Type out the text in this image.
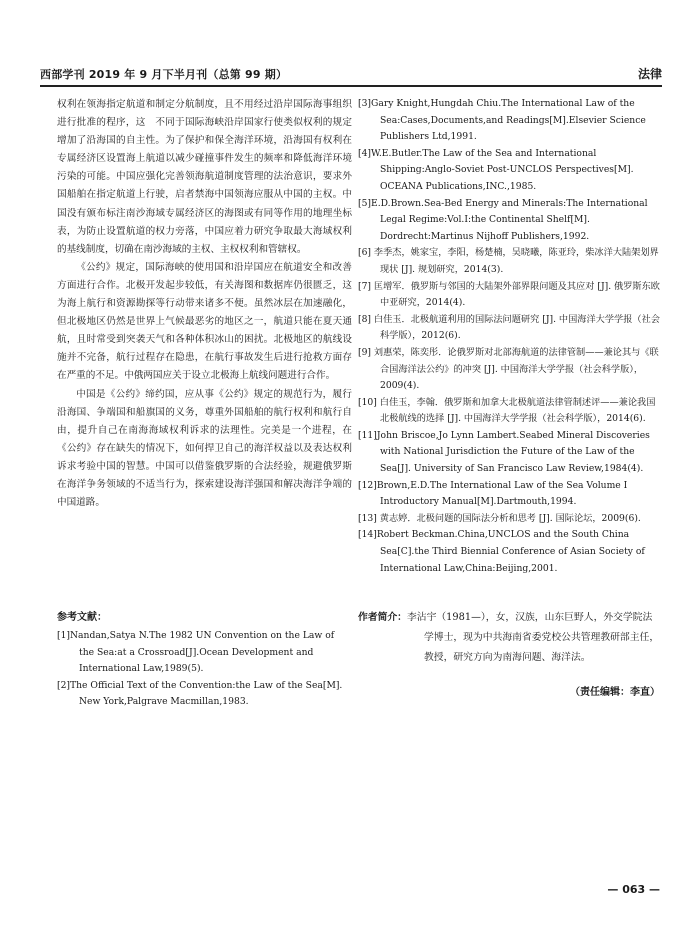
西部学刊 2019 年 9 月下半月刊（总第 99 期）	法律

权利在领海指定航道和制定分航制度，且不用经过沿岸国际海事组织进行批准的程序，这　不同于国际海峡沿岸国家行使类似权利的规定增加了沿海国的自主性。为了保护和保全海洋环境，沿海国有权利在专属经济区设置海上航道以减少碰撞事件发生的频率和降低海洋环境污染的可能。中国应强化完善领海航道制度管理的法治意识，要求外国船舶在指定航道上行驶，启者禁海中国领海应服从中国的主权。中国没有颁布标注南沙海域专属经济区的海图或有同等作用的地理坐标表，为防止设置航道的权力旁落，中国应着力研究争取最大海域权利的基线制度，切确在南沙海域的主权、主权权利和管辖权。

《公约》规定，国际海峡的使用国和沿岸国应在航道安全和改善方面进行合作。北极开发起步较低，有关海图和数据库仍很匮乏，这为海上航行和资源勘探等行动带来诸多不便。虽然冰层在加速融化，但北极地区仍然是世界上气候最恶劣的地区之一，航道只能在夏天通航，且时常受到突袭天气和各种体积冰山的困扰。北极地区的航线设施并不完备，航行过程存在隐患，在航行事故发生后进行抢救方面存在严重的不足。中俄两国应关于设立北极海上航线问题进行合作。

中国是《公约》缔约国，应从事《公约》规定的规范行为，履行沿海国、争端国和船旗国的义务，尊重外国船舶的航行权利和航行自由，提升自己在南海海域权利诉求的法理性。完美是一个进程，在《公约》存在缺失的情况下，如何捍卫自己的海洋权益以及表达权利诉求考验中国的智慧。中国可以借鉴俄罗斯的合法经验，规避俄罗斯在海洋争务领域的不适当行为，探索建设海洋强国和解决海洋争端的中国道路。

[3]Gary Knight,Hungdah Chiu.The International Law of the Sea:Cases,Documents,and Readings[M].Elsevier Science Publishers Ltd,1991.

[4]W.E.Butler.The Law of the Sea and International Shipping:Anglo-Soviet Post-UNCLOS Perspectives[M]. OCEANA Publications,INC.,1985.

[5]E.D.Brown.Sea-Bed Energy and Minerals:The International Legal Regime:Vol.I:the Continental Shelf[M]. Dordrecht:Martinus Nijhoff Publishers,1992.

[6] 李季杰，姚家宝，李阳，杨楚楠，吴晓曦，陈亚玲，柴冰洋大陆架划界现状 [J]. 规划研究，2014(3).

[7] 匡增军．俄罗斯与邻国的大陆架外部界限问题及其应对 [J]. 俄罗斯东欧中亚研究，2014(4).

[8] 白佳玉．北极航道利用的国际法问题研究 [J]. 中国海洋大学学报（社会科学版），2012(6).

[9] 刘惠荣，陈奕彤．论俄罗斯对北部海航道的法律管制——兼论其与《联合国海洋法公约》的冲突 [J]. 中国海洋大学学报（社会科学版），2009(4).

[10] 白佳玉，李翰．俄罗斯和加拿大北极航道法律管制述评——兼论我国北极航线的选择 [J]. 中国海洋大学学报（社会科学版），2014(6).

[11]John Briscoe,Jo Lynn Lambert.Seabed Mineral Discoveries with National Jurisdiction the Future of the Law of the Sea[J]. University of San Francisco Law Review,1984(4).

[12]Brown,E.D.The International Law of the Sea Volume I Introductory Manual[M].Dartmouth,1994.

[13] 黄志婷．北极问题的国际法分析和思考 [J]. 国际论坛，2009(6).

[14]Robert Beckman.China,UNCLOS and the South China Sea[C].the Third Biennial Conference of Asian Society of International Law,China:Beijing,2001.

参考文献：

[1]Nandan,Satya N.The 1982 UN Convention on the Law of the Sea:at a Crossroad[J].Ocean Development and International Law,1989(5).

[2]The Official Text of the Convention:the Law of the Sea[M]. New York,Palgrave Macmillan,1983.

作者简介：李沾宇（1981—），女，汉族，山东巨野人，外交学院法学博士，现为中共海南省委党校公共管理教研部主任，教授，研究方向为南海问题、海洋法。

（责任编辑：李直）
— 063 —
